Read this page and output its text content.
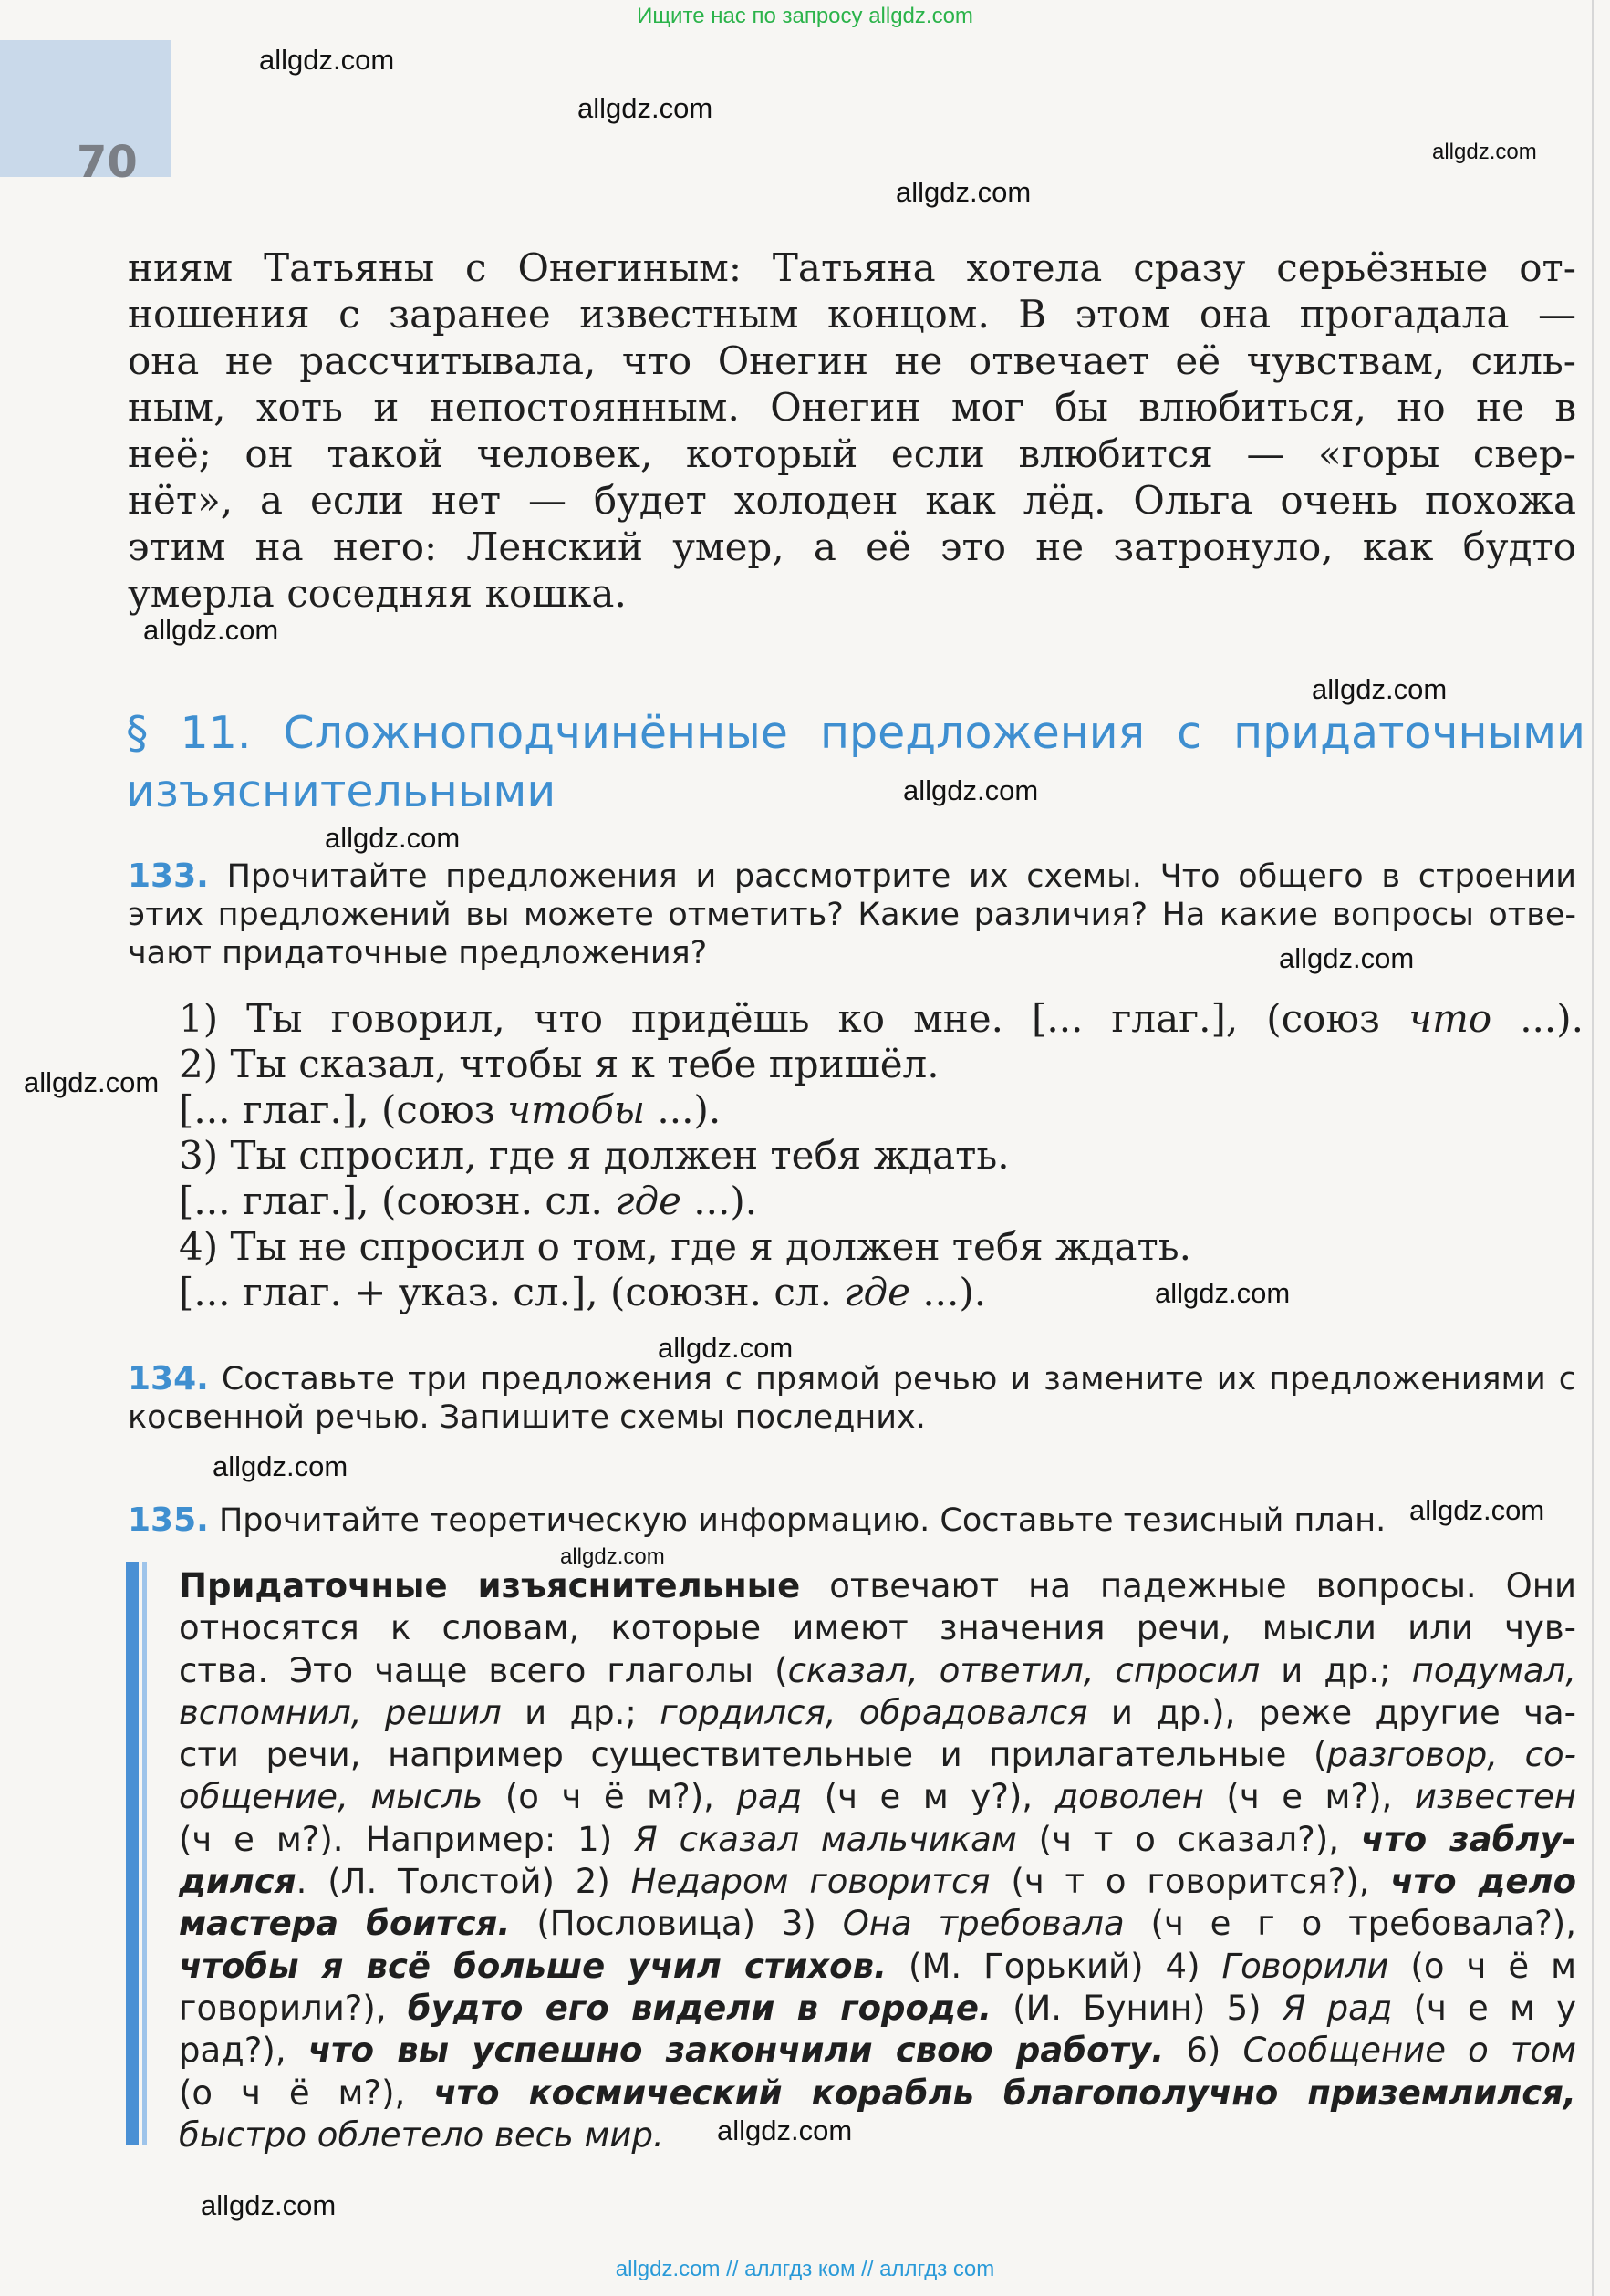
Ищите нас по запросу allgdz.com
70
allgdz.com
allgdz.com
allgdz.com
allgdz.com
ниям Татьяны с Онегиным: Татьяна хотела сразу серьёзные от-
ношения с заранее известным концом. В этом она прогадала —
она не рассчитывала, что Онегин не отвечает её чувствам, силь-
ным, хоть и непостоянным. Онегин мог бы влюбиться, но не в
неё; он такой человек, который если влюбится — «горы свер-
нёт», а если нет — будет холоден как лёд. Ольга очень похожа
этим на него: Ленский умер, а её это не затронуло, как будто
умерла соседняя кошка.
allgdz.com
allgdz.com
§ 11. Сложноподчинённые предложения с придаточными
изъяснительными	allgdz.com
allgdz.com
133. Прочитайте предложения и рассмотрите их схемы. Что общего в строении
этих предложений вы можете отметить? Какие различия? На какие вопросы отве-
чают придаточные предложения?	allgdz.com
1) Ты говорил, что придёшь ко мне. [... глаг.], (союз что ...).
2) Ты сказал, чтобы я к тебе пришёл.
[... глаг.], (союз чтобы ...).
3) Ты спросил, где я должен тебя ждать.
[... глаг.], (союзн. сл. где ...).
4) Ты не спросил о том, где я должен тебя ждать.
[... глаг. + указ. сл.], (союзн. сл. где ...).
allgdz.com
allgdz.com
allgdz.com
134. Составьте три предложения с прямой речью и замените их предложениями с
косвенной речью. Запишите схемы последних.
allgdz.com
135. Прочитайте теоретическую информацию. Составьте тезисный план. allgdz.com
allgdz.com
Придаточные изъяснительные отвечают на падежные вопросы. Они
относятся к словам, которые имеют значения речи, мысли или чув-
ства. Это чаще всего глаголы (сказал, ответил, спросил и др.; подумал,
вспомнил, решил и др.; гордился, обрадовался и др.), реже другие ча-
сти речи, например существительные и прилагательные (разговор, со-
общение, мысль (о ч ё м?), рад (ч е м у?), доволен (ч е м?), известен
(ч е м?). Например: 1) Я сказал мальчикам (ч т о сказал?), что заблу-
дился. (Л. Толстой) 2) Недаром говорится (ч т о говорится?), что дело
мастера боится. (Пословица) 3) Она требовала (ч е г о требовала?),
чтобы я всё больше учил стихов. (М. Горький) 4) Говорили (о ч ё м
говорили?), будто его видели в городе. (И. Бунин) 5) Я рад (ч е м у
рад?), что вы успешно закончили свою работу. 6) Сообщение о том
(о ч ё м?), что космический корабль благополучно приземлился,
быстро облетело весь мир.	allgdz.com
allgdz.com
allgdz.com // аллгдз ком // аллгдз com
